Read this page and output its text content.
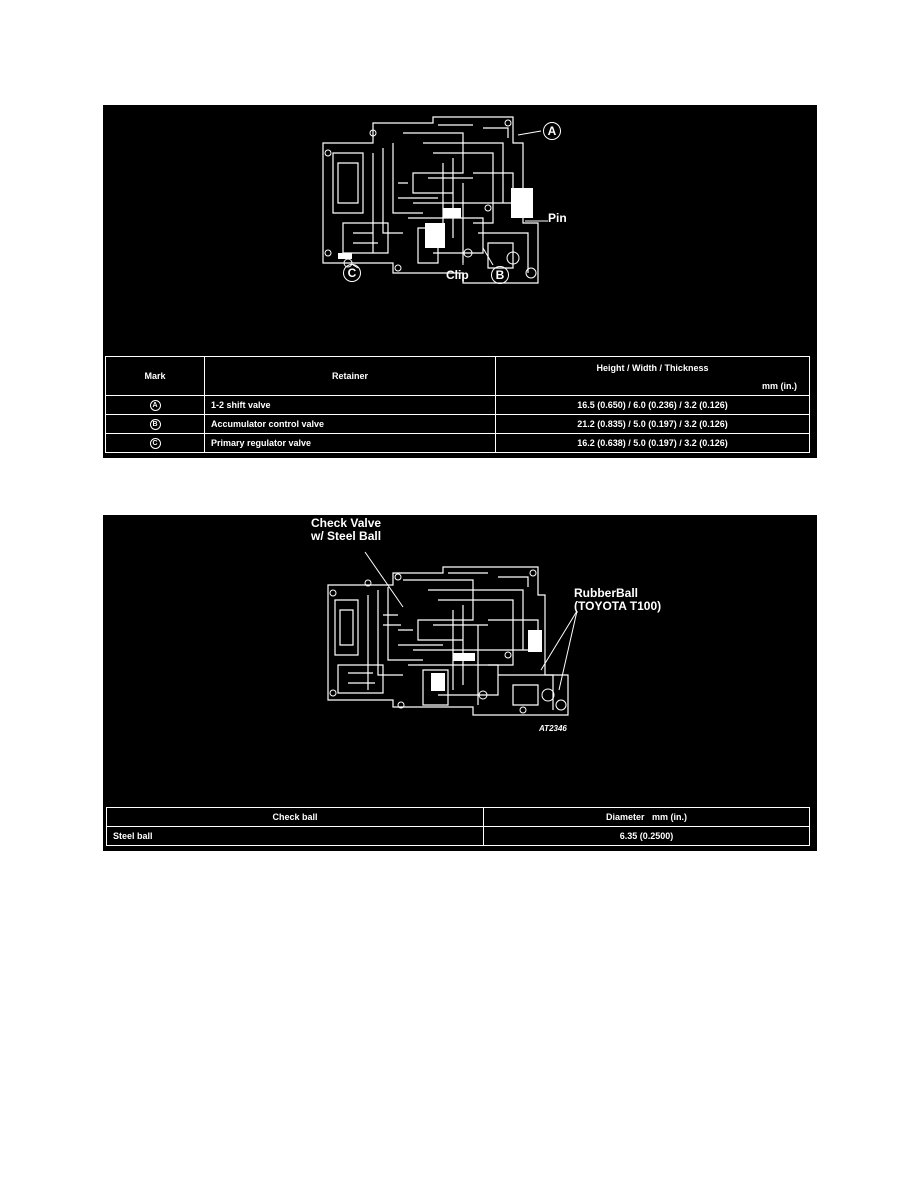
A
Pin
Clip	B
C
Mark	Retainer	Height / Width / Thickness
mm (in.)

A	1-2 shift valve	16.5 (0.650) / 6.0 (0.236) / 3.2 (0.126)
B	Accumulator control valve	21.2 (0.835) / 5.0 (0.197) / 3.2 (0.126)
C	Primary regulator valve	16.2 (0.638) / 5.0 (0.197) / 3.2 (0.126)
Check Valve
w/ Steel Ball
RubberBall
(TOYOTA T100)
AT2346
Check ball	Diameter   mm (in.)
Steel ball	6.35 (0.2500)
